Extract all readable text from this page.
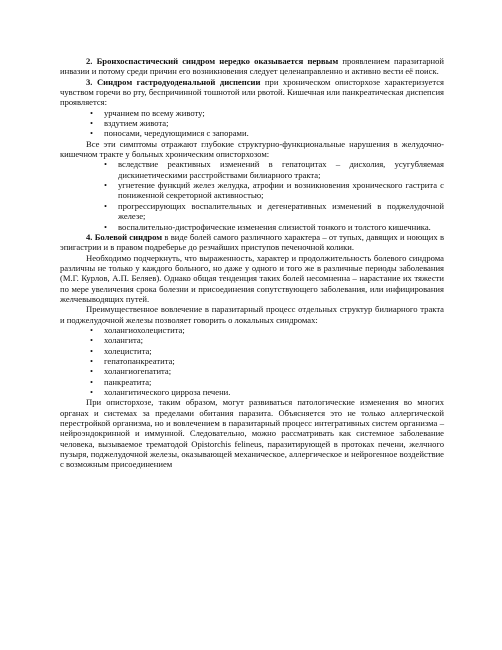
2. Бронхоспастический синдром нередко оказывается первым проявлением паразитарной инвазии и потому среди причин его возникновения следует целенаправленно и активно вести её поиск.

3. Синдром гастродуоденальной диспепсии при хроническом описторхозе характеризуется чувством горечи во рту, беспричинной тошнотой или рвотой. Кишечная или панкреатическая диспепсия проявляется:

• урчанием по всему животу;
• вздутием живота;
• поносами, чередующимися с запорами.

Все эти симптомы отражают глубокие структурно-функциональные нарушения в желудочно-кишечном тракте у больных хроническим описторхозом:

• вследствие реактивных изменений в гепатоцитах – дисхолия, усугубляемая дискинетическими расстройствами билиарного тракта;
• угнетение функций желез желудка, атрофии и возникновения хронического гастрита с пониженной секреторной активностью;
• прогрессирующих воспалительных и дегенеративных изменений в поджелудочной железе;
• воспалительно-дистрофические изменения слизистой тонкого и толстого кишечника.

4. Болевой синдром в виде болей самого различного характера – от тупых, давящих и ноющих в эпигастрии и в правом подреберье до резчайших приступов печеночной колики.

Необходимо подчеркнуть, что выраженность, характер и продолжительность болевого синдрома различны не только у каждого больного, но даже у одного и того же в различные периоды заболевания (М.Г. Курлов, А.П. Беляев). Однако общая тенденция таких болей несомненна – нарастание их тяжести по мере увеличения срока болезни и присоединения сопутствующего заболевания, или инфицирования желчевыводящих путей.

Преимущественное вовлечение в паразитарный процесс отдельных структур билиарного тракта и поджелудочной железы позволяет говорить о локальных синдромах:

• холангиохолецистита;
• холангита;
• холецистита;
• гепатопанкреатита;
• холангиогепатита;
• панкреатита;
• холангитического цирроза печени.

При описторхозе, таким образом, могут развиваться патологические изменения во многих органах и системах за пределами обитания паразита. Объясняется это не только аллергической перестройкой организма, но и вовлечением в паразитарный процесс интегративных систем организма – нейроэндокринной и иммунной. Следовательно, можно рассматривать как системное заболевание человека, вызываемое трематодой Opistorchis felineus, паразитирующей в протоках печени, желчного пузыря, поджелудочной железы, оказывающей механическое, аллергическое и нейрогенное воздействие с возможным присоединением
